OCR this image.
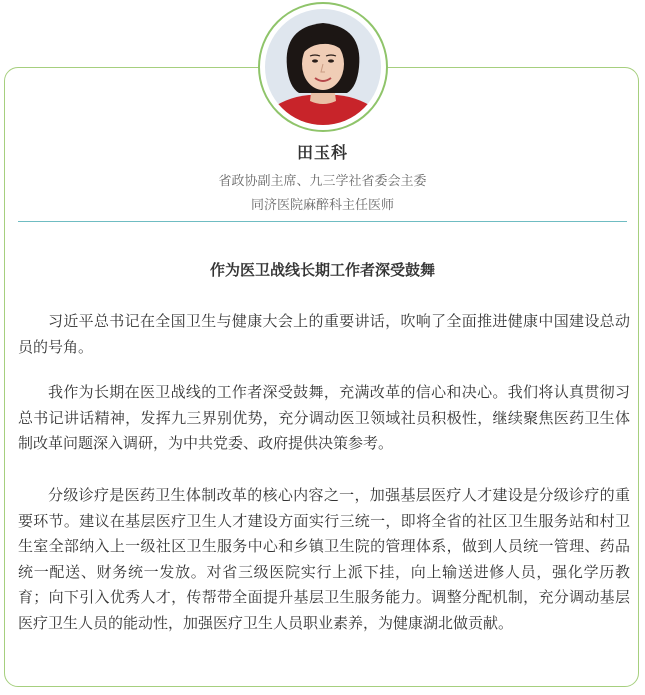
田玉科
省政协副主席、九三学社省委会主委
同济医院麻醉科主任医师
作为医卫战线长期工作者深受鼓舞

习近平总书记在全国卫生与健康大会上的重要讲话，吹响了全面推进健康中国建设总动员的号角。

我作为长期在医卫战线的工作者深受鼓舞，充满改革的信心和决心。我们将认真贯彻习总书记讲话精神，发挥九三界别优势，充分调动医卫领域社员积极性，继续聚焦医药卫生体制改革问题深入调研，为中共党委、政府提供决策参考。

分级诊疗是医药卫生体制改革的核心内容之一，加强基层医疗人才建设是分级诊疗的重要环节。建议在基层医疗卫生人才建设方面实行三统一，即将全省的社区卫生服务站和村卫生室全部纳入上一级社区卫生服务中心和乡镇卫生院的管理体系，做到人员统一管理、药品统一配送、财务统一发放。对省三级医院实行上派下挂，向上输送进修人员，强化学历教育；向下引入优秀人才，传帮带全面提升基层卫生服务能力。调整分配机制，充分调动基层医疗卫生人员的能动性，加强医疗卫生人员职业素养，为健康湖北做贡献。
